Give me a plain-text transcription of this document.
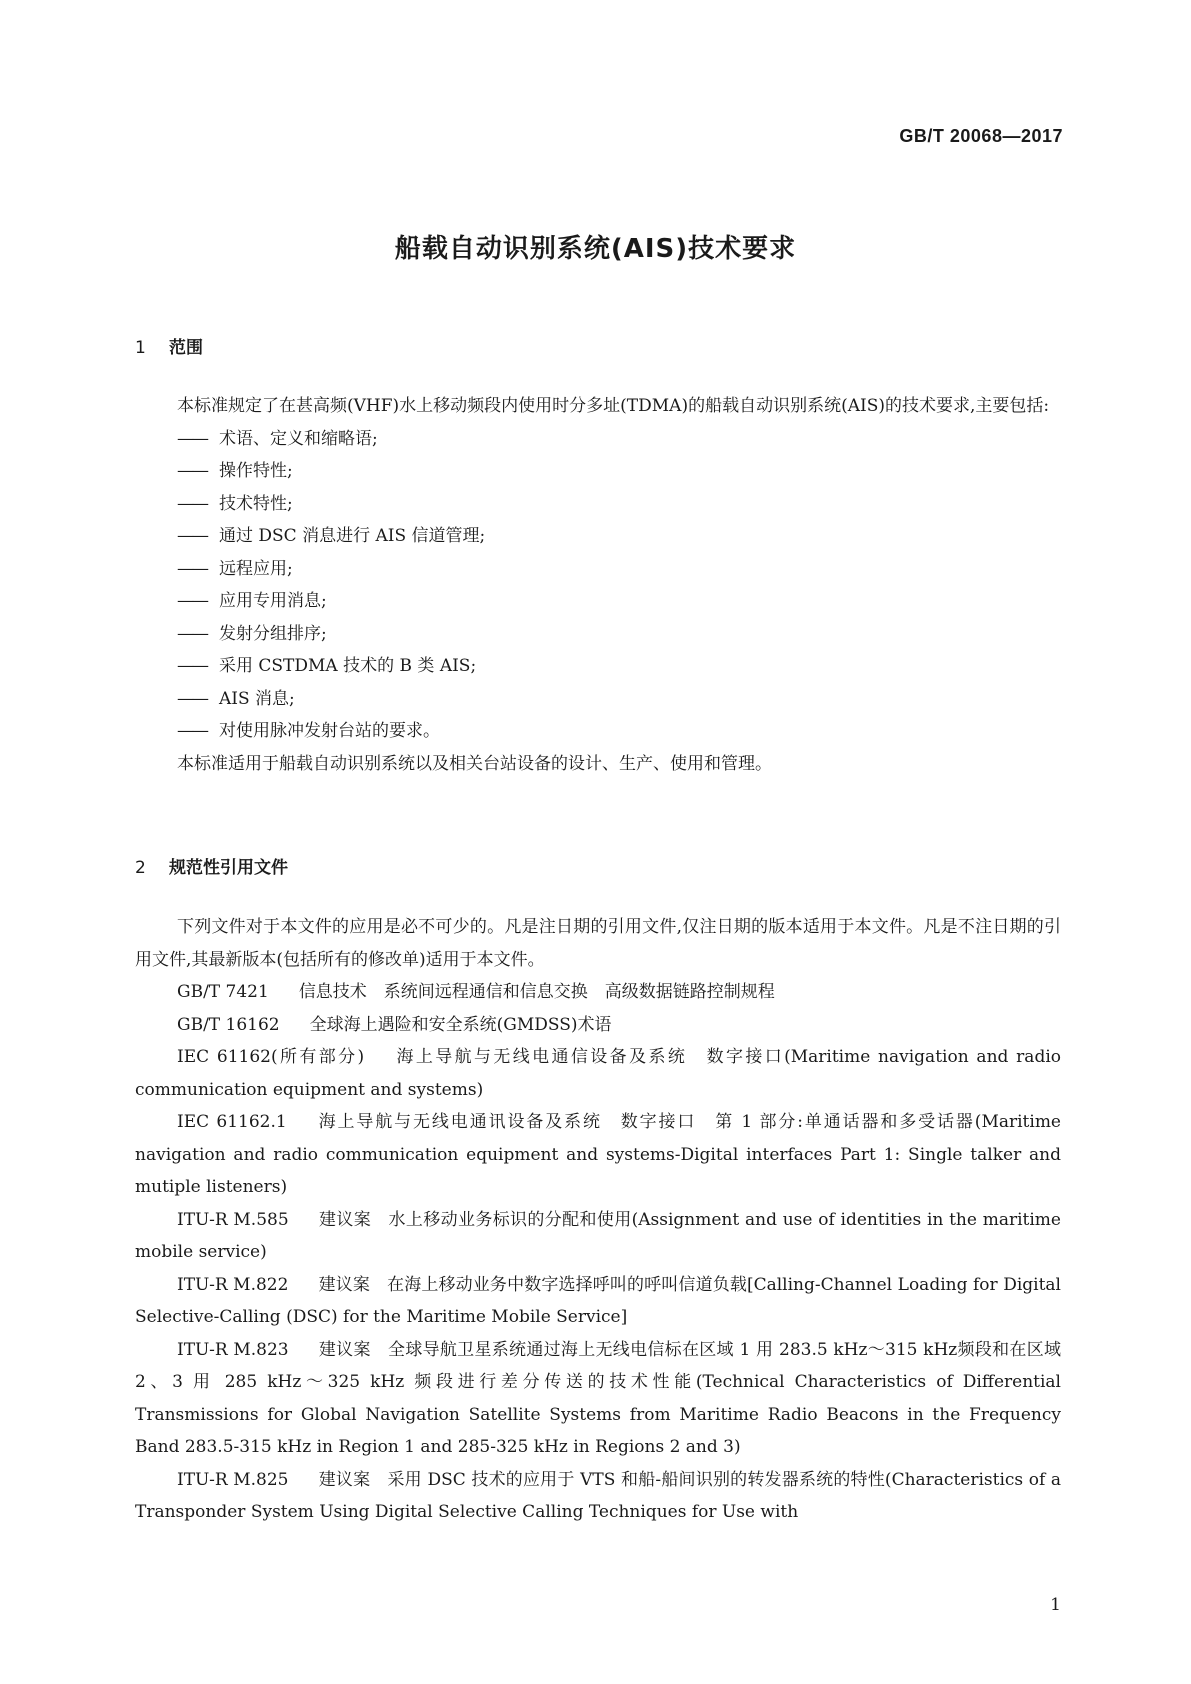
GB/T 20068—2017
船载自动识别系统(AIS)技术要求
1 范围

本标准规定了在甚高频(VHF)水上移动频段内使用时分多址(TDMA)的船载自动识别系统(AIS)的技术要求,主要包括:

—— 术语、定义和缩略语;

—— 操作特性;

—— 技术特性;

—— 通过 DSC 消息进行 AIS 信道管理;

—— 远程应用;

—— 应用专用消息;

—— 发射分组排序;

—— 采用 CSTDMA 技术的 B 类 AIS;

—— AIS 消息;

—— 对使用脉冲发射台站的要求。

本标准适用于船载自动识别系统以及相关台站设备的设计、生产、使用和管理。

2 规范性引用文件

下列文件对于本文件的应用是必不可少的。凡是注日期的引用文件,仅注日期的版本适用于本文件。凡是不注日期的引用文件,其最新版本(包括所有的修改单)适用于本文件。

GB/T 7421 信息技术　系统间远程通信和信息交换　高级数据链路控制规程

GB/T 16162 全球海上遇险和安全系统(GMDSS)术语

IEC 61162(所有部分) 海上导航与无线电通信设备及系统　数字接口(Maritime navigation and radio communication equipment and systems)

IEC 61162.1 海上导航与无线电通讯设备及系统　数字接口　第 1 部分:单通话器和多受话器(Maritime navigation and radio communication equipment and systems-Digital interfaces Part 1: Single talker and mutiple listeners)

ITU-R M.585 建议案　水上移动业务标识的分配和使用(Assignment and use of identities in the maritime mobile service)

ITU-R M.822 建议案　在海上移动业务中数字选择呼叫的呼叫信道负载[Calling-Channel Loading for Digital Selective-Calling (DSC) for the Maritime Mobile Service]

ITU-R M.823 建议案　全球导航卫星系统通过海上无线电信标在区域 1 用 283.5 kHz～315 kHz频段和在区域 2、3 用 285 kHz～325 kHz 频段进行差分传送的技术性能(Technical Characteristics of Differential Transmissions for Global Navigation Satellite Systems from Maritime Radio Beacons in the Frequency Band 283.5-315 kHz in Region 1 and 285-325 kHz in Regions 2 and 3)

ITU-R M.825 建议案　采用 DSC 技术的应用于 VTS 和船-船间识别的转发器系统的特性(Characteristics of a Transponder System Using Digital Selective Calling Techniques for Use with

1
